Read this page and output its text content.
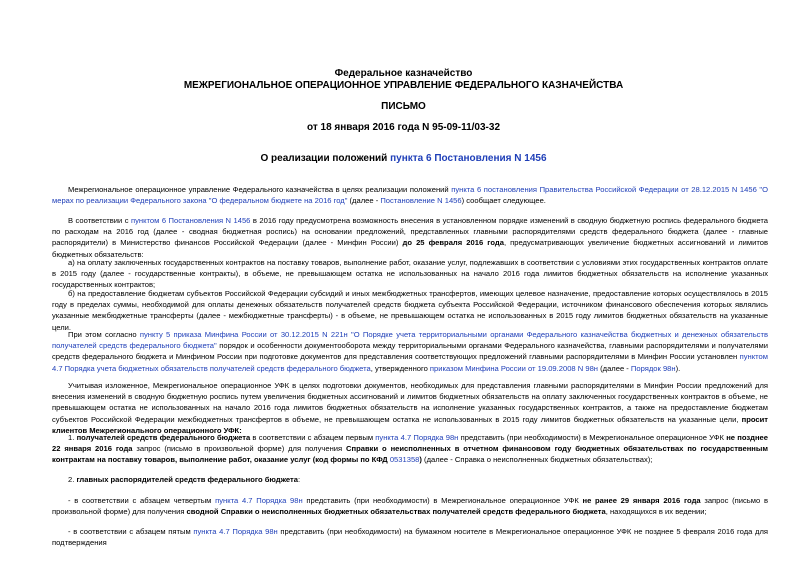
Федеральное казначейство
МЕЖРЕГИОНАЛЬНОЕ ОПЕРАЦИОННОЕ УПРАВЛЕНИЕ ФЕДЕРАЛЬНОГО КАЗНАЧЕЙСТВА
ПИСЬМО
от 18 января 2016 года N 95-09-11/03-32
О реализации положений пункта 6 Постановления N 1456
Межрегиональное операционное управление Федерального казначейства в целях реализации положений пункта 6 постановления Правительства Российской Федерации от 28.12.2015 N 1456 "О мерах по реализации Федерального закона "О федеральном бюджете на 2016 год" (далее - Постановление N 1456) сообщает следующее.
В соответствии с пунктом 6 Постановления N 1456 в 2016 году предусмотрена возможность внесения в установленном порядке изменений в сводную бюджетную роспись федерального бюджета по расходам на 2016 год (далее - сводная бюджетная роспись) на основании предложений, представленных главными распорядителями средств федерального бюджета (далее - главные распорядители) в Министерство финансов Российской Федерации (далее - Минфин России) до 25 февраля 2016 года, предусматривающих увеличение бюджетных ассигнований и лимитов бюджетных обязательств:
а) на оплату заключенных государственных контрактов на поставку товаров, выполнение работ, оказание услуг, подлежавших в соответствии с условиями этих государственных контрактов оплате в 2015 году (далее - государственные контракты), в объеме, не превышающем остатка не использованных на начало 2016 года лимитов бюджетных обязательств на исполнение указанных государственных контрактов;
б) на предоставление бюджетам субъектов Российской Федерации субсидий и иных межбюджетных трансфертов, имеющих целевое назначение, предоставление которых осуществлялось в 2015 году в пределах суммы, необходимой для оплаты денежных обязательств получателей средств бюджета субъекта Российской Федерации, источником финансового обеспечения которых являлись указанные межбюджетные трансферты (далее - межбюджетные трансферты) - в объеме, не превышающем остатка не использованных в 2015 году лимитов бюджетных обязательств на указанные цели.
При этом согласно пункту 5 приказа Минфина России от 30.12.2015 N 221н "О Порядке учета территориальными органами Федерального казначейства бюджетных и денежных обязательств получателей средств федерального бюджета" порядок и особенности документооборота между территориальными органами Федерального казначейства, главными распорядителями и получателями средств федерального бюджета и Минфином России при подготовке документов для представления соответствующих предложений главными распорядителями в Минфин России установлен пунктом 4.7 Порядка учета бюджетных обязательств получателей средств федерального бюджета, утвержденного приказом Минфина России от 19.09.2008 N 98н (далее - Порядок 98н).
Учитывая изложенное, Межрегиональное операционное УФК в целях подготовки документов, необходимых для представления главными распорядителями в Минфин России предложений для внесения изменений в сводную бюджетную роспись путем увеличения бюджетных ассигнований и лимитов бюджетных обязательств на оплату заключенных государственных контрактов в объеме, не превышающем остатка не использованных на начало 2016 года лимитов бюджетных обязательств на исполнение указанных государственных контрактов, а также на предоставление бюджетам субъектов Российской Федерации межбюджетных трансфертов в объеме, не превышающем остатка не использованных в 2015 году лимитов бюджетных обязательств на указанные цели, просит клиентов Межрегионального операционного УФК:
1. получателей средств федерального бюджета в соответствии с абзацем первым пункта 4.7 Порядка 98н представить (при необходимости) в Межрегиональное операционное УФК не позднее 22 января 2016 года запрос (письмо в произвольной форме) для получения Справки о неисполненных в отчетном финансовом году бюджетных обязательствах по государственным контрактам на поставку товаров, выполнение работ, оказание услуг (код формы по КФД 0531358) (далее - Справка о неисполненных бюджетных обязательствах);
2. главных распорядителей средств федерального бюджета:
- в соответствии с абзацем четвертым пункта 4.7 Порядка 98н представить (при необходимости) в Межрегиональное операционное УФК не ранее 29 января 2016 года запрос (письмо в произвольной форме) для получения сводной Справки о неисполненных бюджетных обязательствах получателей средств федерального бюджета, находящихся в их ведении;
- в соответствии с абзацем пятым пункта 4.7 Порядка 98н представить (при необходимости) на бумажном носителе в Межрегиональное операционное УФК не позднее 5 февраля 2016 года для подтверждения
